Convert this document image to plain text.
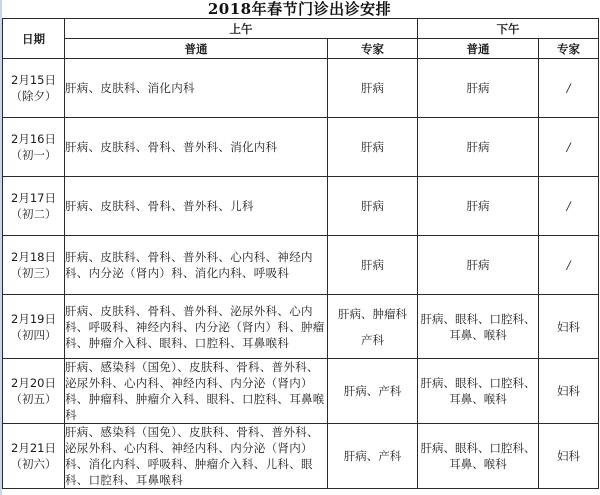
2018年春节门诊出诊安排
日期	上午		下午	
	普通	专家	普通	专家

2月15日
（除夕）	肝病、皮肤科、消化内科	肝病	肝病	/

2月16日
（初一）	肝病、皮肤科、骨科、普外科、消化内科	肝病	肝病	/

2月17日
（初二）	肝病、皮肤科、骨科、普外科、儿科	肝病	肝病	/

2月18日
（初三）	肝病、皮肤科、骨科、普外科、心内科、神经内科、内分泌（肾内）科、消化内科、呼吸科	肝病	肝病	/

2月19日
（初四）	肝病、皮肤科、骨科、普外科、泌尿外科、心内科、呼吸科、神经内科、内分泌（肾内）科、肿瘤科、肿瘤介入科、眼科、口腔科、耳鼻喉科	肝病、肿瘤科
产科	肝病、眼科、口腔科、耳鼻、喉科	妇科

2月20日
（初五）	肝病、感染科（国免）、皮肤科、骨科、普外科、泌尿外科、心内科、神经内科、内分泌（肾内）科、肿瘤科、肿瘤介入科、眼科、口腔科、耳鼻喉科	肝病、产科	肝病、眼科、口腔科、耳鼻、喉科	妇科

2月21日
（初六）	肝病、感染科（国免）、皮肤科、骨科、普外科、泌尿外科、心内科、神经内科、内分泌（肾内）科、消化内科、呼吸科、肿瘤介入科、儿科、眼科、口腔科、耳鼻喉科	肝病、产科	肝病、眼科、口腔科、耳鼻、喉科	妇科
